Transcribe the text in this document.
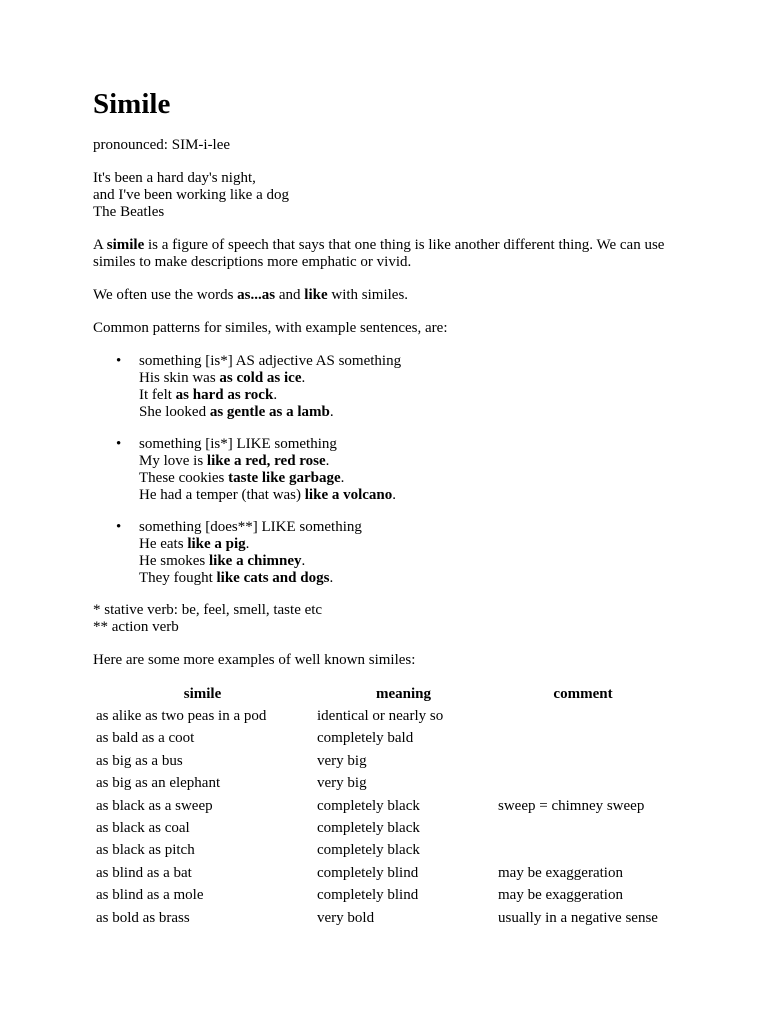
Simile

pronounced: SIM-i-lee

It's been a hard day's night,
and I've been working like a dog
The Beatles

A simile is a figure of speech that says that one thing is like another different thing. We can use similes to make descriptions more emphatic or vivid.

We often use the words as...as and like with similes.

Common patterns for similes, with example sentences, are:

• something [is*] AS adjective AS something
His skin was as cold as ice.
It felt as hard as rock.
She looked as gentle as a lamb.
• something [is*] LIKE something
My love is like a red, red rose.
These cookies taste like garbage.
He had a temper (that was) like a volcano.
• something [does**] LIKE something
He eats like a pig.
He smokes like a chimney.
They fought like cats and dogs.
* stative verb: be, feel, smell, taste etc
** action verb

Here are some more examples of well known similes:

simile	meaning	comment
as alike as two peas in a pod	identical or nearly so	
as bald as a coot	completely bald	
as big as a bus	very big	
as big as an elephant	very big	
as black as a sweep	completely black	sweep = chimney sweep
as black as coal	completely black	
as black as pitch	completely black	
as blind as a bat	completely blind	may be exaggeration
as blind as a mole	completely blind	may be exaggeration
as bold as brass	very bold	usually in a negative sense
